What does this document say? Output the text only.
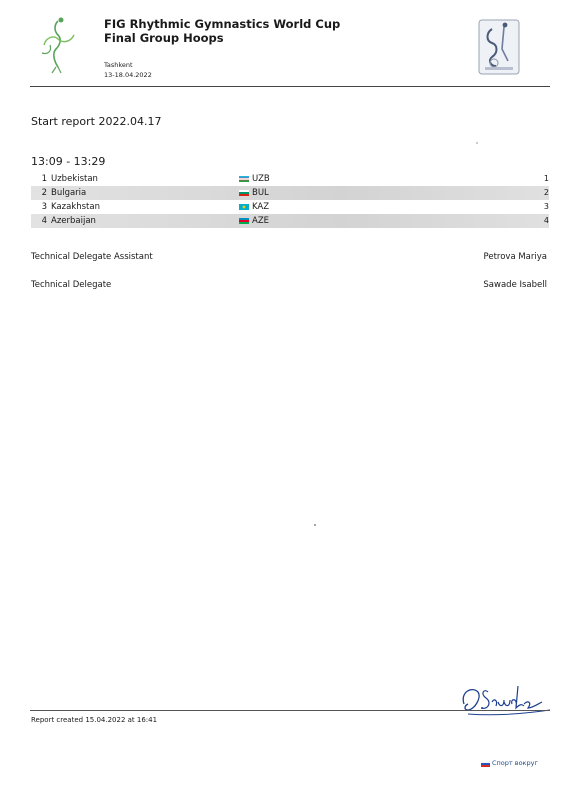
FIG Rhythmic Gymnastics World Cup
Final Group Hoops
Tashkent
13-18.04.2022
Start report 2022.04.17
13:09 - 13:29
1 Uzbekistan	UZB	1
2 Bulgaria	BUL	2
3 Kazakhstan	KAZ	3
4 Azerbaijan	AZE	4
Technical Delegate Assistant	Petrova Mariya
Technical Delegate	Sawade Isabell
Report created 15.04.2022 at 16:41
Спорт вокруг
